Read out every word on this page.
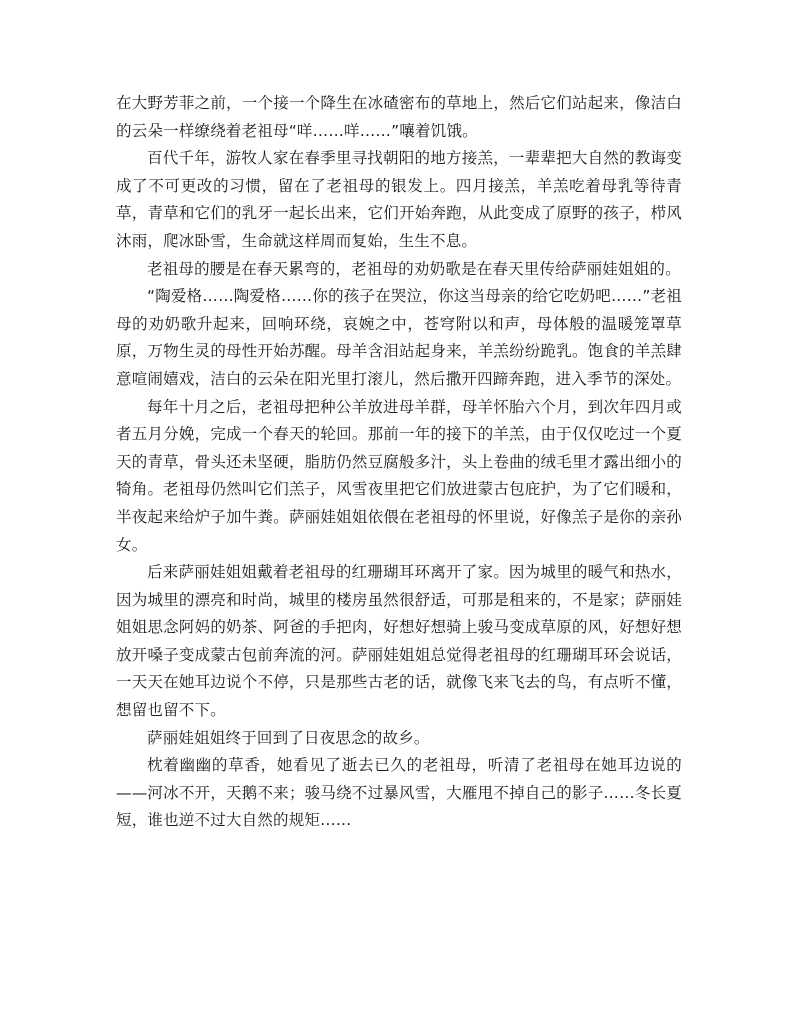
在大野芳菲之前，一个接一个降生在冰碴密布的草地上，然后它们站起来，像洁白的云朵一样缭绕着老祖母“咩……咩……”嚷着饥饿。

百代千年，游牧人家在春季里寻找朝阳的地方接羔，一辈辈把大自然的教诲变成了不可更改的习惯，留在了老祖母的银发上。四月接羔，羊羔吃着母乳等待青草，青草和它们的乳牙一起长出来，它们开始奔跑，从此变成了原野的孩子，栉风沐雨，爬冰卧雪，生命就这样周而复始，生生不息。

老祖母的腰是在春天累弯的，老祖母的劝奶歌是在春天里传给萨丽娃姐姐的。

“陶爱格……陶爱格……你的孩子在哭泣，你这当母亲的给它吃奶吧……”老祖母的劝奶歌升起来，回响环绕，哀婉之中，苍穹附以和声，母体般的温暖笼罩草原，万物生灵的母性开始苏醒。母羊含泪站起身来，羊羔纷纷跪乳。饱食的羊羔肆意喧闹嬉戏，洁白的云朵在阳光里打滚儿，然后撒开四蹄奔跑，进入季节的深处。

每年十月之后，老祖母把种公羊放进母羊群，母羊怀胎六个月，到次年四月或者五月分娩，完成一个春天的轮回。那前一年的接下的羊羔，由于仅仅吃过一个夏天的青草，骨头还未坚硬，脂肪仍然豆腐般多汁，头上卷曲的绒毛里才露出细小的犄角。老祖母仍然叫它们羔子，风雪夜里把它们放进蒙古包庇护，为了它们暖和，半夜起来给炉子加牛粪。萨丽娃姐姐依偎在老祖母的怀里说，好像羔子是你的亲孙女。

后来萨丽娃姐姐戴着老祖母的红珊瑚耳环离开了家。因为城里的暖气和热水，因为城里的漂亮和时尚，城里的楼房虽然很舒适，可那是租来的，不是家；萨丽娃姐姐思念阿妈的奶茶、阿爸的手把肉，好想好想骑上骏马变成草原的风，好想好想放开嗓子变成蒙古包前奔流的河。萨丽娃姐姐总觉得老祖母的红珊瑚耳环会说话，一天天在她耳边说个不停，只是那些古老的话，就像飞来飞去的鸟，有点听不懂，想留也留不下。

萨丽娃姐姐终于回到了日夜思念的故乡。

枕着幽幽的草香，她看见了逝去已久的老祖母，听清了老祖母在她耳边说的——河冰不开，天鹅不来；骏马绕不过暴风雪，大雁甩不掉自己的影子……冬长夏短，谁也逆不过大自然的规矩……
